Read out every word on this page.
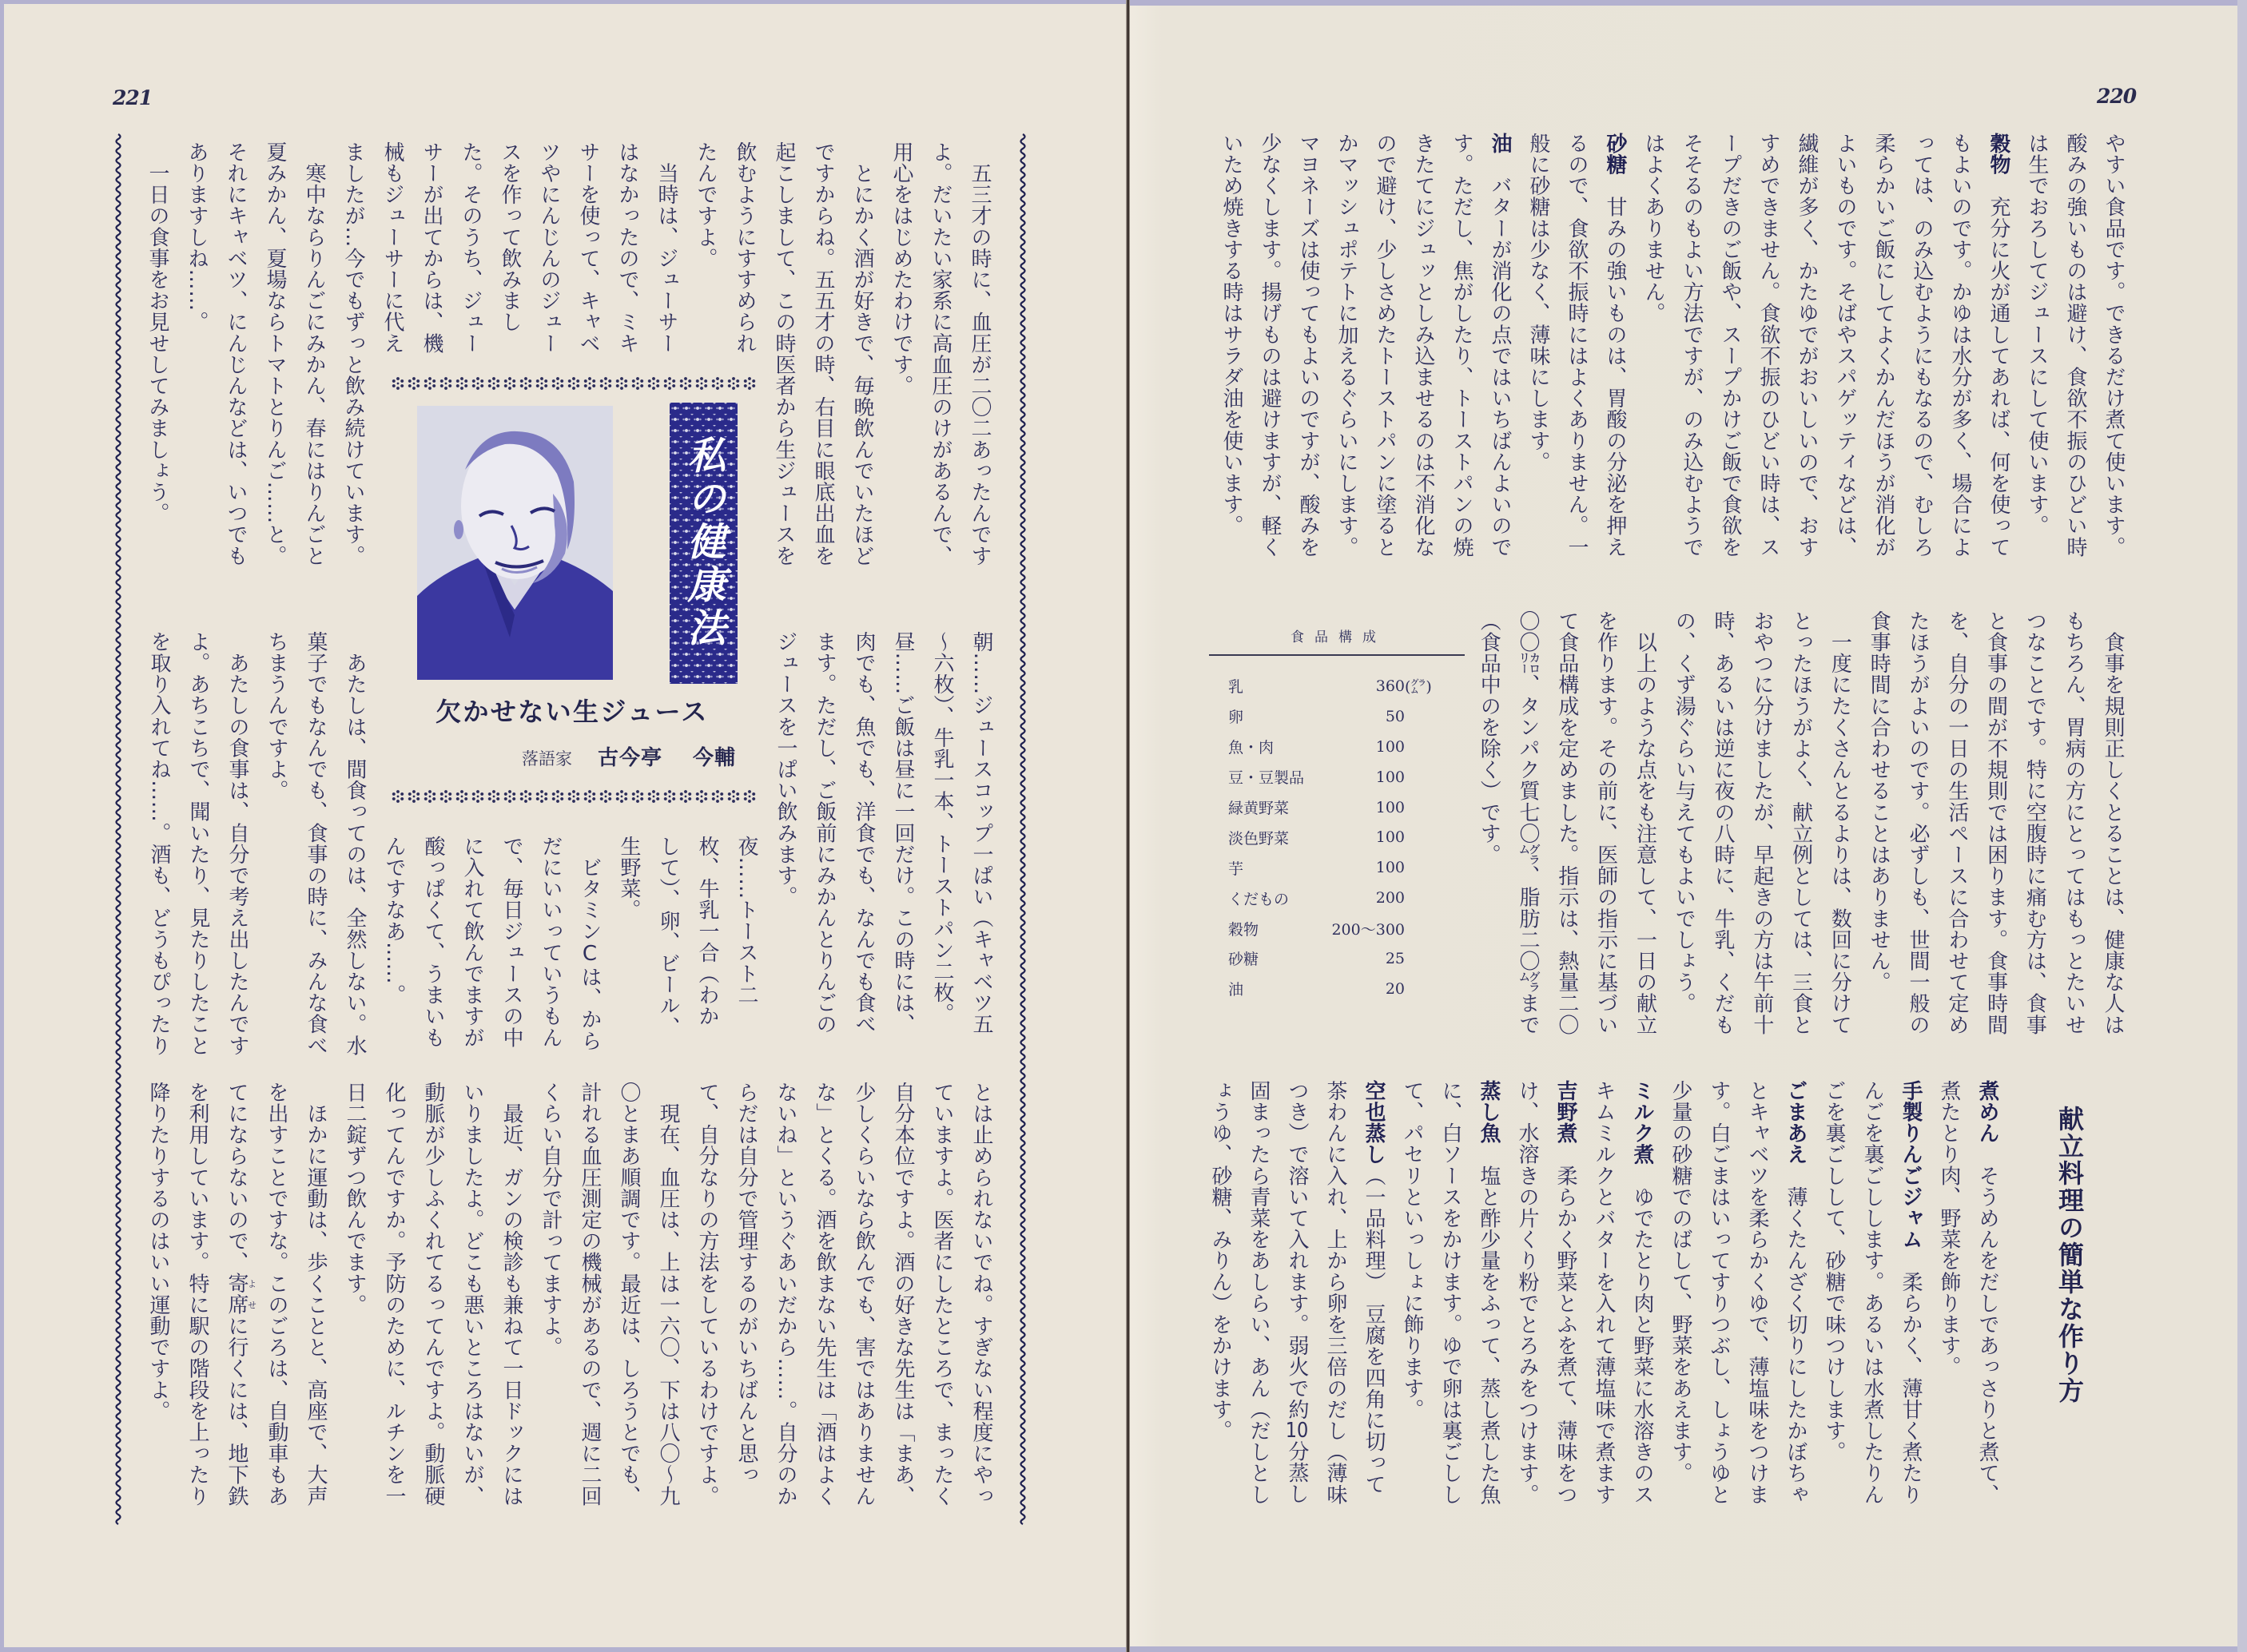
221
　五三才の時に、血圧が二〇二あったんです
よ。だいたい家系に高血圧のけがあるんで、
用心をはじめたわけです。
　とにかく酒が好きで、毎晩飲んでいたほど
ですからね。五五才の時、右目に眼底出血を
起こしまして、この時医者から生ジュースを
飲むようにすすめられ
たんですよ。
　当時は、ジューサー
はなかったので、ミキ
サーを使って、キャベ
ツやにんじんのジュー
スを作って飲みまし
た。そのうち、ジュー
サーが出てからは、機
械もジューサーに代え
ましたが…今でもずっと飲み続けています。
　寒中ならりんごにみかん、春にはりんごと
夏みかん、夏場ならトマトとりんご……と。
それにキャベツ、にんじんなどは、いつでも
ありますしね……。
　一日の食事をお見せしてみましょう。
私の健康法
欠かせない生ジュース
落語家 古今亭 今輔	朝……ジュースコップ一ぱい（キャベツ五
〜六枚）、牛乳一本、トーストパン二枚。
昼……ご飯は昼に一回だけ。この時には、
肉でも、魚でも、洋食でも、なんでも食べ
ます。ただし、ご飯前にみかんとりんごの
ジュースを一ぱい飲みます。
夜……トースト二
枚、牛乳一合（わか
して）、卵、ビール、
生野菜。
　ビタミンCは、から
だにいいっていうもん
で、毎日ジュースの中
に入れて飲んでますが
酸っぱくて、うまいも
んですなあ……。
　あたしは、間食ってのは、全然しない。水
菓子でもなんでも、食事の時に、みんな食べ
ちまうんですよ。
　あたしの食事は、自分で考え出したんです
よ。あちこちで、聞いたり、見たりしたこと
を取り入れてね……。酒も、どうもぴったり
とは止められないでね。すぎない程度にやっ
ていますよ。医者にしたところで、まったく
自分本位ですよ。酒の好きな先生は「まあ、
少しくらいなら飲んでも、害ではありません
な」とくる。酒を飲まない先生は「酒はよく
ないね」というぐあいだから……。自分のか
らだは自分で管理するのがいちばんと思っ
て、自分なりの方法をしているわけですよ。
　現在、血圧は、上は一六〇、下は八〇〜九
〇とまあ順調です。最近は、しろうとでも、
計れる血圧測定の機械があるので、週に二回
くらい自分で計ってますよ。
　最近、ガンの検診も兼ねて一日ドックには
いりましたよ。どこも悪いところはないが、
動脈が少しふくれてるってんですよ。動脈硬
化ってんですか。予防のために、ルチンを一
日二錠ずつ飲んでます。
　ほかに運動は、歩くことと、高座で、大声
を出すことですな。このごろは、自動車もあ
てにならないので、寄席よせに行くには、地下鉄
を利用しています。特に駅の階段を上ったり
降りたりするのはいい運動ですよ。
220
やすい食品です。できるだけ煮て使います。
酸みの強いものは避け、食欲不振のひどい時
は生でおろしてジュースにして使います。
穀物　充分に火が通してあれば、何を使って
もよいのです。かゆは水分が多く、場合によ
っては、のみ込むようにもなるので、むしろ
柔らかいご飯にしてよくかんだほうが消化が
よいものです。そばやスパゲッティなどは、
繊維が多く、かたゆでがおいしいので、おす
すめできません。食欲不振のひどい時は、ス
ープだきのご飯や、スープかけご飯で食欲を
そそるのもよい方法ですが、のみ込むようで
はよくありません。
砂糖　甘みの強いものは、胃酸の分泌を押え
るので、食欲不振時にはよくありません。一
般に砂糖は少なく、薄味にします。
油　バターが消化の点ではいちばんよいので
す。ただし、焦がしたり、トーストパンの焼
きたてにジュッとしみ込ませるのは不消化な
ので避け、少しさめたトーストパンに塗ると
かマッシュポテトに加えるぐらいにします。
マヨネーズは使ってもよいのですが、酸みを
少なくします。揚げものは避けますが、軽く
いため焼きする時はサラダ油を使います。
　食事を規則正しくとることは、健康な人は
もちろん、胃病の方にとってはもっとたいせ
つなことです。特に空腹時に痛む方は、食事
と食事の間が不規則では困ります。食事時間
を、自分の一日の生活ペースに合わせて定め
たほうがよいのです。必ずしも、世間一般の
食事時間に合わせることはありません。
　一度にたくさんとるよりは、数回に分けて
とったほうがよく、献立例としては、三食と
おやつに分けましたが、早起きの方は午前十
時、あるいは逆に夜の八時に、牛乳、くだも
の、くず湯ぐらい与えてもよいでしょう。
　以上のような点をも注意して、一日の献立
を作ります。その前に、医師の指示に基づい
て食品構成を定めました。指示は、熱量二〇
〇〇㌍、タンパク質七〇㌘、脂肪二〇㌘まで
（食品中のを除く）です。
食品構成
乳	360 (㌘)
卵	50
魚・肉	100
豆・豆製品	100
緑黄野菜	100
淡色野菜	100
芋	100
くだもの	200
穀物	200〜300
砂糖	25
油	20
献立料理の簡単な作り方
煮めん　そうめんをだしであっさりと煮て、
煮たとり肉、野菜を飾ります。
手製りんごジャム　柔らかく、薄甘く煮たり
んごを裏ごしします。あるいは水煮したりん
ごを裏ごしして、砂糖で味つけします。
ごまあえ　薄くたんざく切りにしたかぼちゃ
とキャベツを柔らかくゆで、薄塩味をつけま
す。白ごまはいってすりつぶし、しょうゆと
少量の砂糖でのばして、野菜をあえます。
ミルク煮　ゆでたとり肉と野菜に水溶きのス
キムミルクとバターを入れて薄塩味で煮ます
吉野煮　柔らかく野菜とふを煮て、薄味をつ
け、水溶きの片くり粉でとろみをつけます。
蒸し魚　塩と酢少量をふって、蒸し煮した魚
に、白ソースをかけます。ゆで卵は裏ごしし
て、パセリといっしょに飾ります。
空也蒸し（一品料理）　豆腐を四角に切って
茶わんに入れ、上から卵を三倍のだし（薄味
つき）で溶いて入れます。弱火で約10分蒸し
固まったら青菜をあしらい、あん（だしとし
ょうゆ、砂糖、みりん）をかけます。
